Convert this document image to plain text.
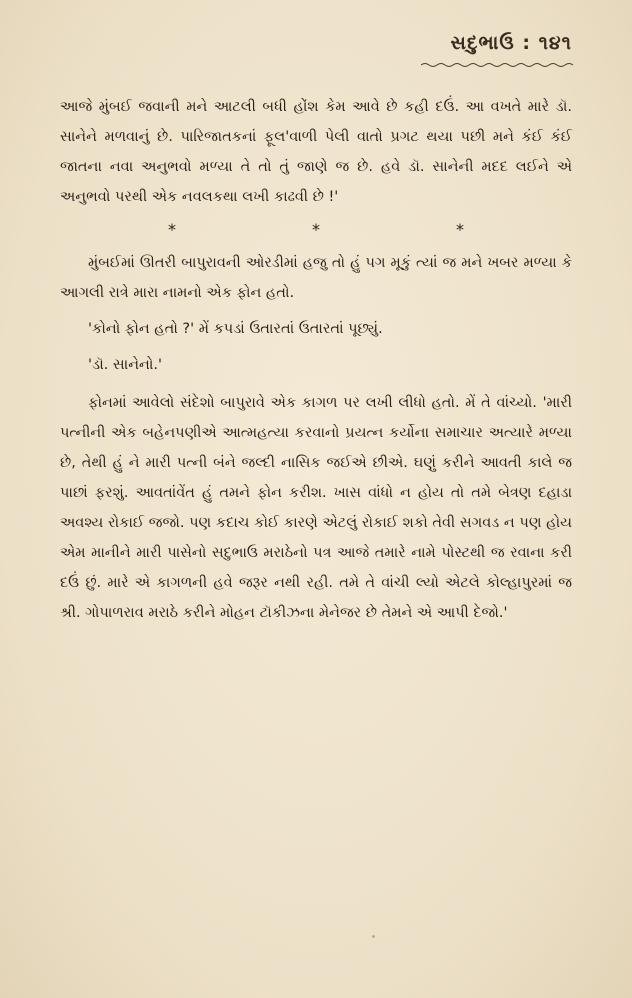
સદુભાઉ : ૧૪૧

આજે મુંબઈ જવાની મને આટલી બધી હોંશ કેમ આવે છે કહી દઉં. આ વખતે મારે ડૉ. સાનેને મળવાનું છે. પારિજાતકનાં ફૂલ'વાળી પેલી વાતો પ્રગટ થયા પછી મને કંઈ કંઈ જાતના નવા અનુભવો મળ્યા તે તો તું જાણે જ છે. હવે ડૉ. સાનેની મદદ લઈને એ અનુભવો પરથી એક નવલકથા લખી કાઢવી છે !'

*	*	*

મુંબઈમાં ઊતરી બાપુરાવની ઓરડીમાં હજુ તો હું પગ મૂકું ત્યાં જ મને ખબર મળ્યા કે આગલી રાત્રે મારા નામનો એક ફોન હતો.

'કોનો ફોન હતો ?' મેં કપડાં ઉતારતાં ઉતારતાં પૂછ્યું.

'ડૉ. સાનેનો.'

ફોનમાં આવેલો સંદેશો બાપુરાવે એક કાગળ પર લખી લીધો હતો. મેં તે વાંચ્યો. 'મારી પત્નીની એક બહેનપણીએ આત્મહત્યા કરવાનો પ્રયત્ન કર્યોના સમાચાર અત્યારે મળ્યા છે, તેથી હું ને મારી પત્ની બંને જલ્દી નાસિક જઈએ છીએ. ઘણું કરીને આવતી કાલે જ પાછાં ફરશું. આવતાંવેંત હું તમને ફોન કરીશ. ખાસ વાંધો ન હોય તો તમે બેત્રણ દહાડા અવશ્ય રોકાઈ જજો. પણ કદાચ કોઈ કારણે એટલું રોકાઈ શકો તેવી સગવડ ન પણ હોય એમ માનીને મારી પાસેનો સદુભાઉ મરાઠેનો પત્ર આજે તમારે નામે પોસ્ટથી જ રવાના કરી દઉં છું. મારે એ કાગળની હવે જરૂર નથી રહી. તમે તે વાંચી લ્યો એટલે કોલ્હાપુરમાં જ શ્રી. ગોપાળરાવ મરાઠે કરીને મોહન ટૉકીઝના મેનેજર છે તેમને એ આપી દેજો.'
